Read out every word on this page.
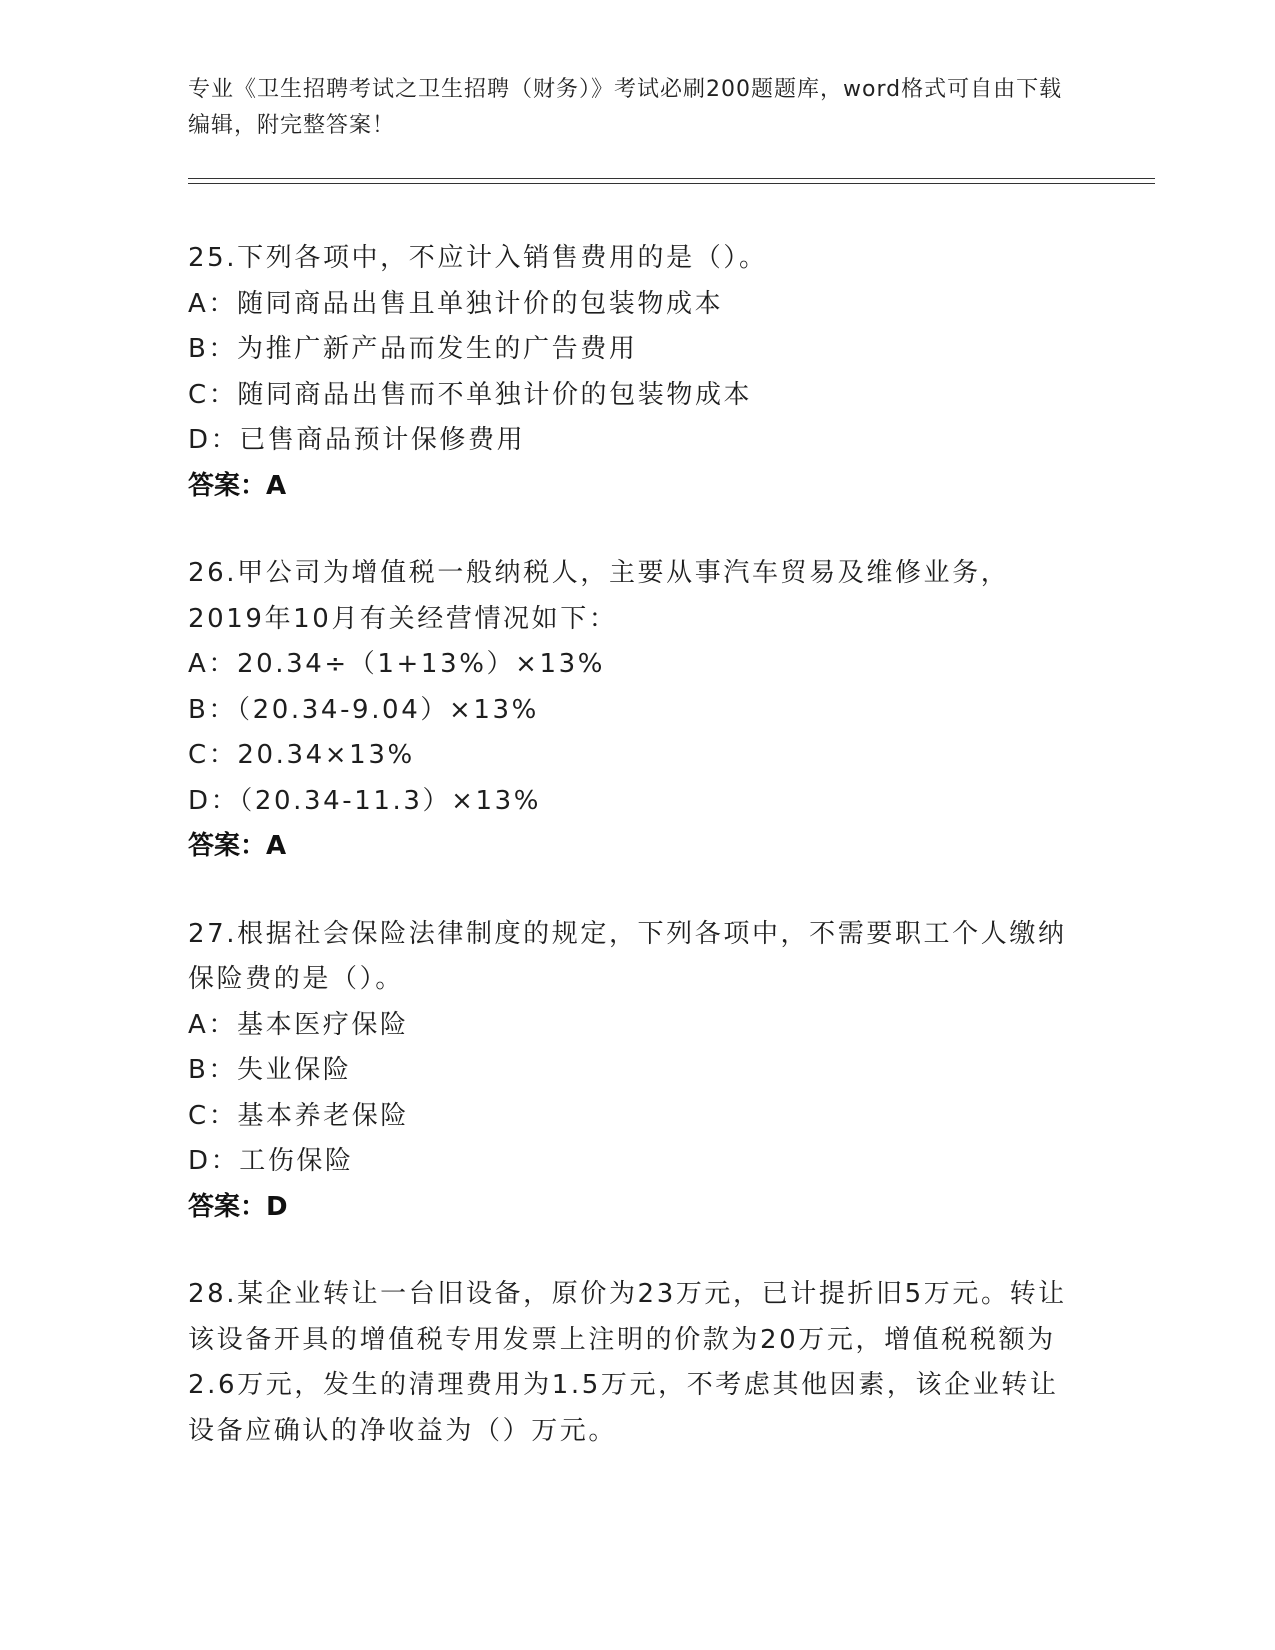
专业《卫生招聘考试之卫生招聘（财务）》考试必刷200题题库，word格式可自由下载编辑，附完整答案！
25.下列各项中，不应计入销售费用的是（）。
A：随同商品出售且单独计价的包装物成本
B：为推广新产品而发生的广告费用
C：随同商品出售而不单独计价的包装物成本
D：已售商品预计保修费用
答案：A
26.甲公司为增值税一般纳税人，主要从事汽车贸易及维修业务，2019年10月有关经营情况如下：
A：20.34÷（1+13%）×13%
B：（20.34-9.04）×13%
C：20.34×13%
D：（20.34-11.3）×13%
答案：A
27.根据社会保险法律制度的规定，下列各项中，不需要职工个人缴纳保险费的是（）。
A：基本医疗保险
B：失业保险
C：基本养老保险
D：工伤保险
答案：D
28.某企业转让一台旧设备，原价为23万元，已计提折旧5万元。转让该设备开具的增值税专用发票上注明的价款为20万元，增值税税额为2.6万元，发生的清理费用为1.5万元，不考虑其他因素，该企业转让设备应确认的净收益为（）万元。
